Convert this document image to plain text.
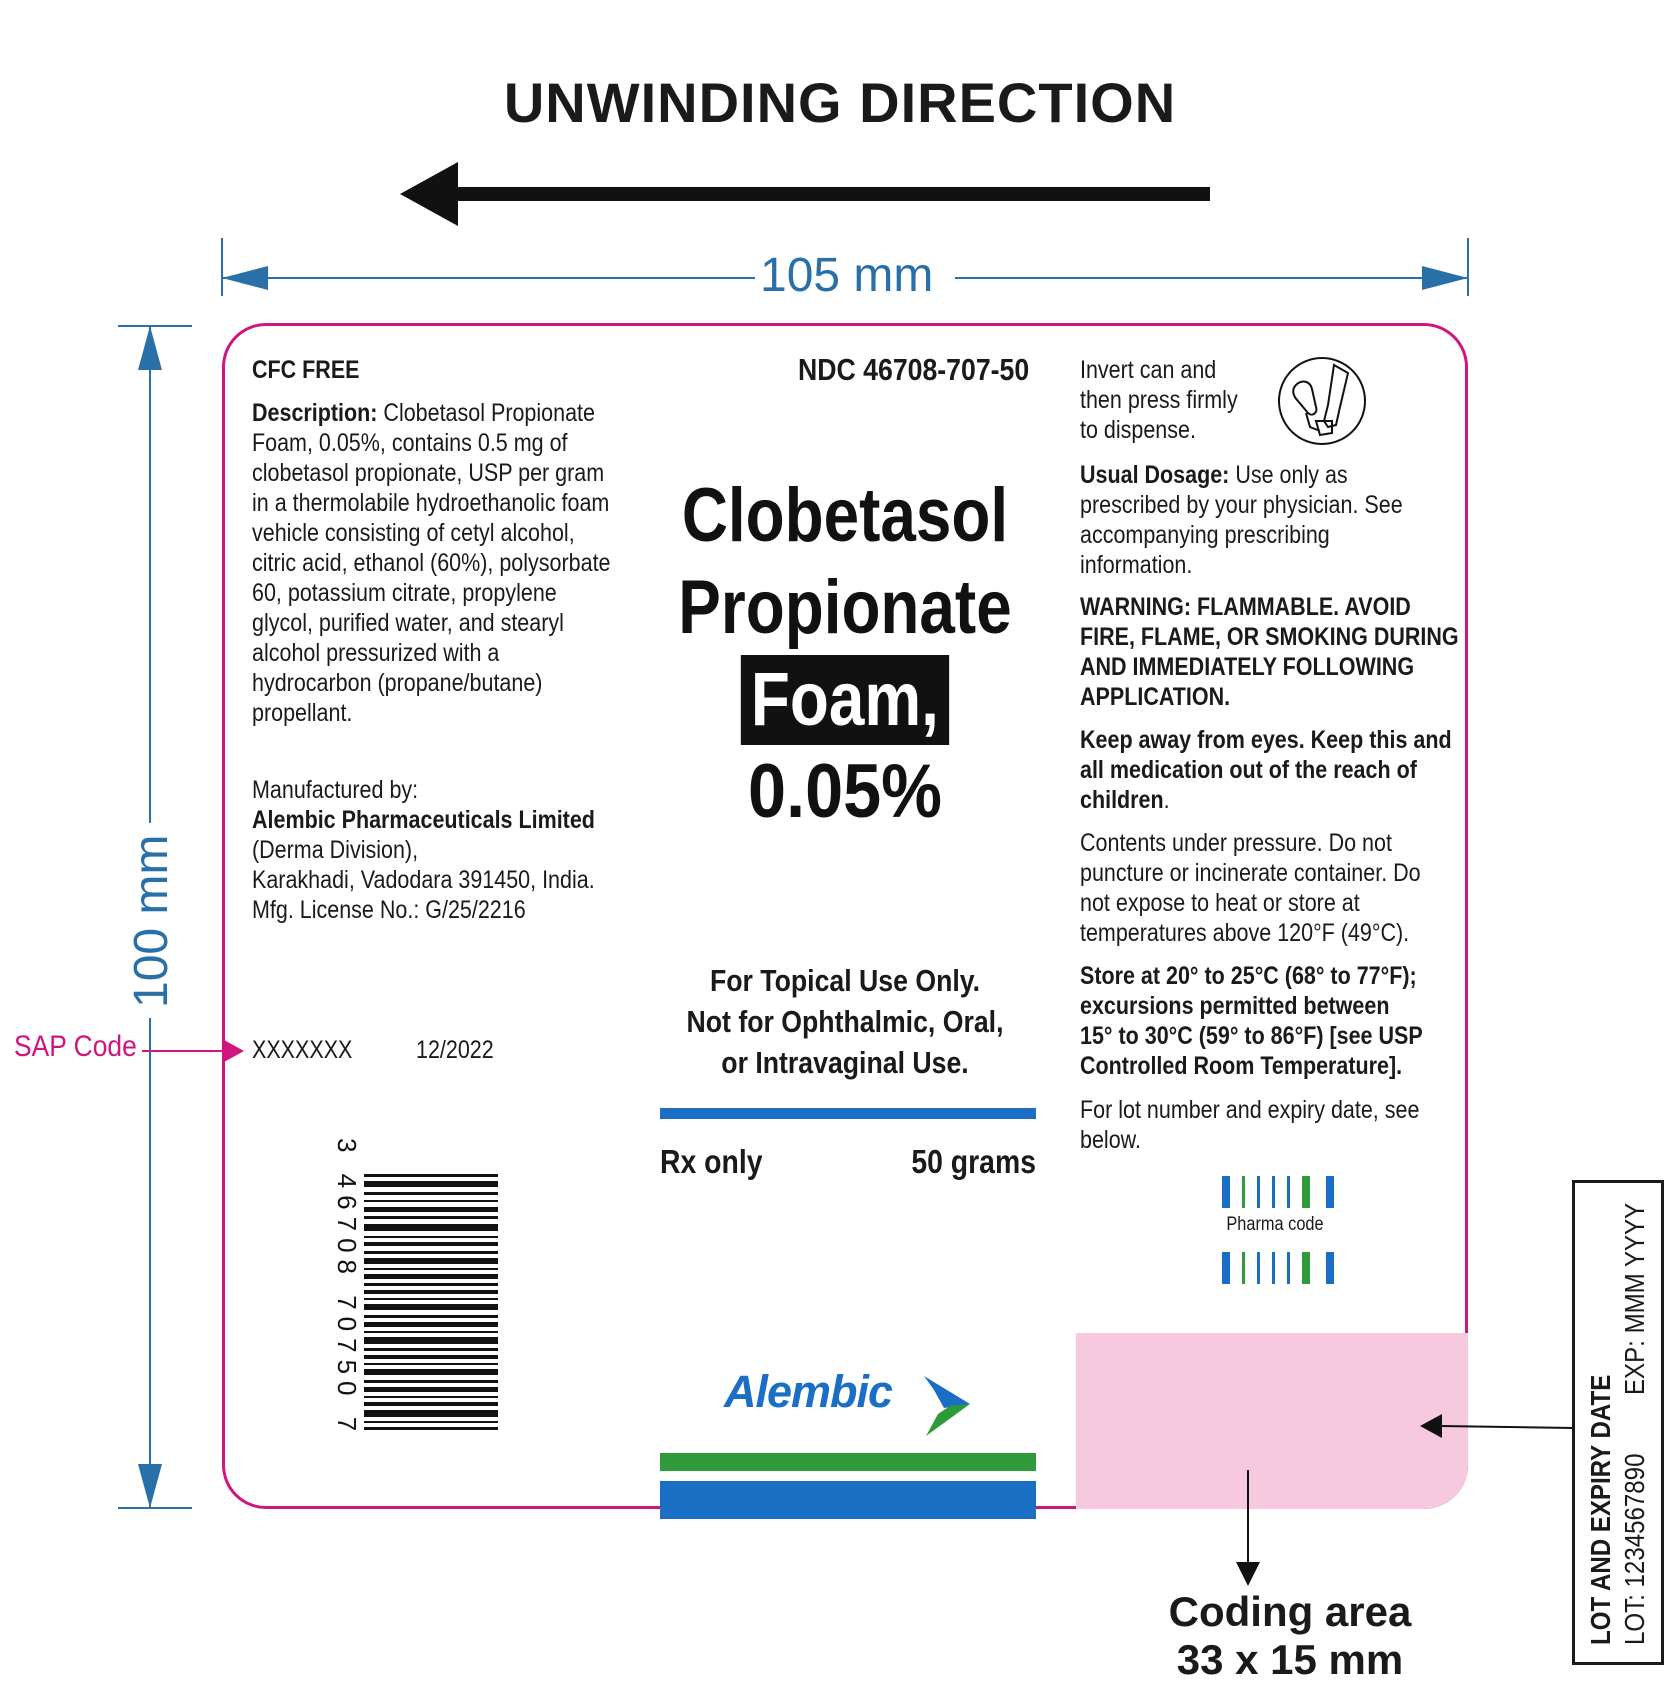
UNWINDING DIRECTION
105 mm
100 mm
SAP Code
CFC FREE
Description: Clobetasol Propionate
Foam, 0.05%, contains 0.5 mg of
clobetasol propionate, USP per gram
in a thermolabile hydroethanolic foam
vehicle consisting of cetyl alcohol,
citric acid, ethanol (60%), polysorbate
60, potassium citrate, propylene
glycol, purified water, and stearyl
alcohol pressurized with a
hydrocarbon (propane/butane)
propellant.
Manufactured by:
Alembic Pharmaceuticals Limited
(Derma Division),
Karakhadi, Vadodara 391450, India.
Mfg. License No.: G/25/2216
XXXXXXX	12/2022
3 46708 70750 7
NDC 46708-707-50
Clobetasol
Propionate
Foam,
0.05%
For Topical Use Only.
Not for Ophthalmic, Oral,
or Intravaginal Use.
Rx only	50 grams
Alembic
Invert can and
then press firmly
to dispense.
Usual Dosage: Use only as
prescribed by your physician. See
accompanying prescribing
information.
WARNING: FLAMMABLE. AVOID
FIRE, FLAME, OR SMOKING DURING
AND IMMEDIATELY FOLLOWING
APPLICATION.
Keep away from eyes. Keep this and
all medication out of the reach of
children.
Contents under pressure. Do not
puncture or incinerate container. Do
not expose to heat or store at
temperatures above 120°F (49°C).
Store at 20° to 25°C (68° to 77°F);
excursions permitted between
15° to 30°C (59° to 86°F) [see USP
Controlled Room Temperature].
For lot number and expiry date, see
below.
Pharma code
Coding area
33 x 15 mm
LOT AND EXPIRY DATE LOT: 1234567890
EXP: MMM YYYY
